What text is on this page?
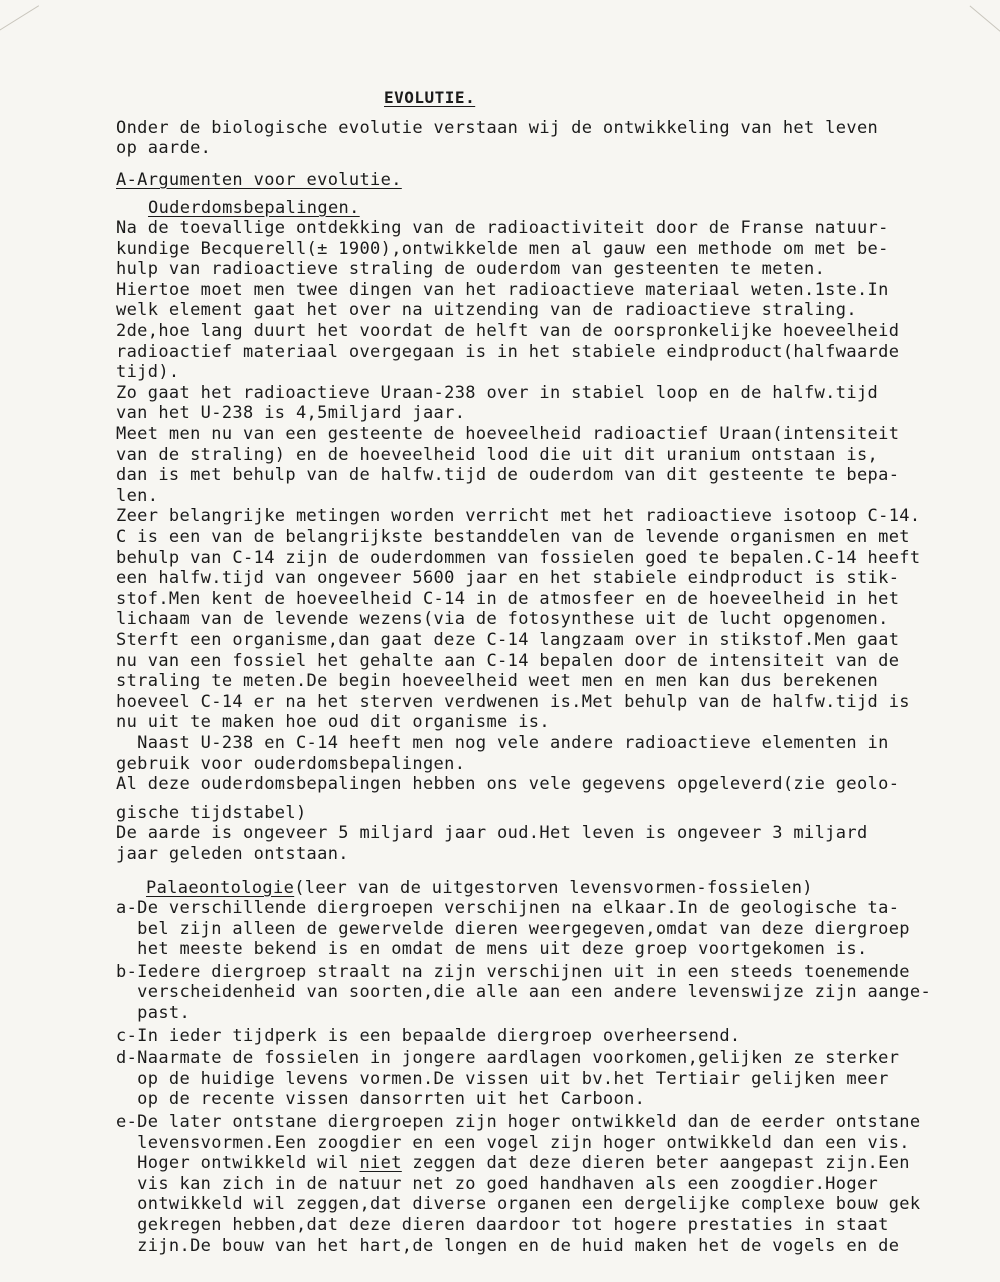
EVOLUTIE.
Onder de biologische evolutie verstaan wij de ontwikkeling van het leven
op aarde.
A-Argumenten voor evolutie.
Ouderdomsbepalingen.
Na de toevallige ontdekking van de radioactiviteit door de Franse natuur-
kundige Becquerell(± 1900),ontwikkelde men al gauw een methode om met be-
hulp van radioactieve straling de ouderdom van gesteenten te meten.
Hiertoe moet men twee dingen van het radioactieve materiaal weten.1ste.In
welk element gaat het over na uitzending van de radioactieve straling.
2de,hoe lang duurt het voordat de helft van de oorspronkelijke hoeveelheid
radioactief materiaal overgegaan is in het stabiele eindproduct(halfwaarde
tijd).
Zo gaat het radioactieve Uraan-238 over in stabiel loop en de halfw.tijd
van het U-238 is 4,5miljard jaar.
Meet men nu van een gesteente de hoeveelheid radioactief Uraan(intensiteit
van de straling) en de hoeveelheid lood die uit dit uranium ontstaan is,
dan is met behulp van de halfw.tijd de ouderdom van dit gesteente te bepa-
len.
Zeer belangrijke metingen worden verricht met het radioactieve isotoop C-14.
C is een van de belangrijkste bestanddelen van de levende organismen en met
behulp van C-14 zijn de ouderdommen van fossielen goed te bepalen.C-14 heeft
een halfw.tijd van ongeveer 5600 jaar en het stabiele eindproduct is stik-
stof.Men kent de hoeveelheid C-14 in de atmosfeer en de hoeveelheid in het
lichaam van de levende wezens(via de fotosynthese uit de lucht opgenomen.
Sterft een organisme,dan gaat deze C-14 langzaam over in stikstof.Men gaat
nu van een fossiel het gehalte aan C-14 bepalen door de intensiteit van de
straling te meten.De begin hoeveelheid weet men en men kan dus berekenen
hoeveel C-14 er na het sterven verdwenen is.Met behulp van de halfw.tijd is
nu uit te maken hoe oud dit organisme is.
Naast U-238 en C-14 heeft men nog vele andere radioactieve elementen in
gebruik voor ouderdomsbepalingen.
Al deze ouderdomsbepalingen hebben ons vele gegevens opgeleverd(zie geolo-
gische tijdstabel)
De aarde is ongeveer 5 miljard jaar oud.Het leven is ongeveer 3 miljard
jaar geleden ontstaan.
Palaeontologie(leer van de uitgestorven levensvormen-fossielen)
a-De verschillende diergroepen verschijnen na elkaar.In de geologische ta-
bel zijn alleen de gewervelde dieren weergegeven,omdat van deze diergroep
het meeste bekend is en omdat de mens uit deze groep voortgekomen is.
b-Iedere diergroep straalt na zijn verschijnen uit in een steeds toenemende
verscheidenheid van soorten,die alle aan een andere levenswijze zijn aange-
past.
c-In ieder tijdperk is een bepaalde diergroep overheersend.
d-Naarmate de fossielen in jongere aardlagen voorkomen,gelijken ze sterker
op de huidige levens vormen.De vissen uit bv.het Tertiair gelijken meer
op de recente vissen dansorrten uit het Carboon.
e-De later ontstane diergroepen zijn hoger ontwikkeld dan de eerder ontstane
levensvormen.Een zoogdier en een vogel zijn hoger ontwikkeld dan een vis.
Hoger ontwikkeld wil niet zeggen dat deze dieren beter aangepast zijn.Een
vis kan zich in de natuur net zo goed handhaven als een zoogdier.Hoger
ontwikkeld wil zeggen,dat diverse organen een dergelijke complexe bouw gek
gekregen hebben,dat deze dieren daardoor tot hogere prestaties in staat
zijn.De bouw van het hart,de longen en de huid maken het de vogels en de
